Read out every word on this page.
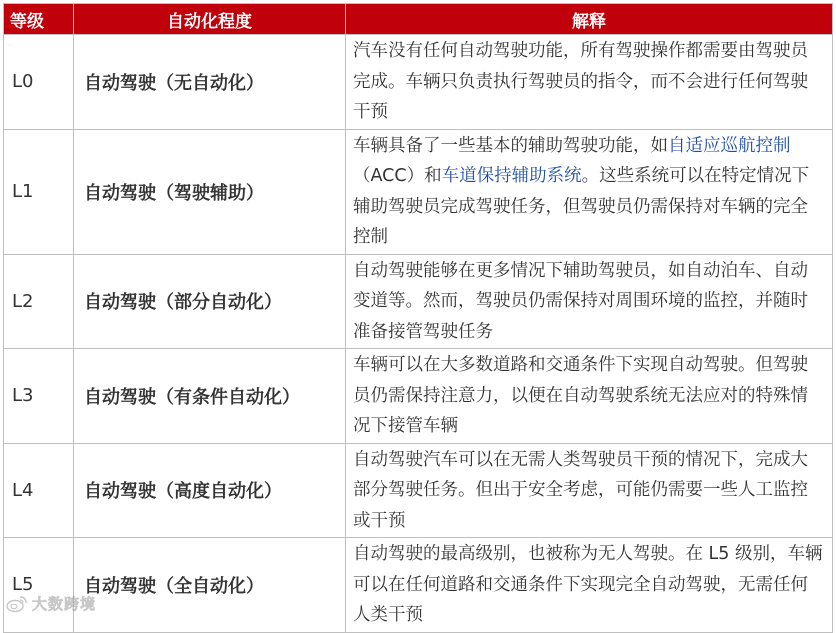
等级	自动化程度	解释
L0	自动驾驶（无自动化）	汽车没有任何自动驾驶功能，所有驾驶操作都需要由驾驶员完成。车辆只负责执行驾驶员的指令，而不会进行任何驾驶干预
L1	自动驾驶（驾驶辅助）	车辆具备了一些基本的辅助驾驶功能，如自适应巡航控制（ACC）和车道保持辅助系统。这些系统可以在特定情况下辅助驾驶员完成驾驶任务，但驾驶员仍需保持对车辆的完全控制
L2	自动驾驶（部分自动化）	自动驾驶能够在更多情况下辅助驾驶员，如自动泊车、自动变道等。然而，驾驶员仍需保持对周围环境的监控，并随时准备接管驾驶任务
L3	自动驾驶（有条件自动化）	车辆可以在大多数道路和交通条件下实现自动驾驶。但驾驶员仍需保持注意力，以便在自动驾驶系统无法应对的特殊情况下接管车辆
L4	自动驾驶（高度自动化）	自动驾驶汽车可以在无需人类驾驶员干预的情况下，完成大部分驾驶任务。但出于安全考虑，可能仍需要一些人工监控或干预
L5	自动驾驶（全自动化）	自动驾驶的最高级别，也被称为无人驾驶。在 L5 级别，车辆可以在任何道路和交通条件下实现完全自动驾驶，无需任何人类干预
大数跨境
